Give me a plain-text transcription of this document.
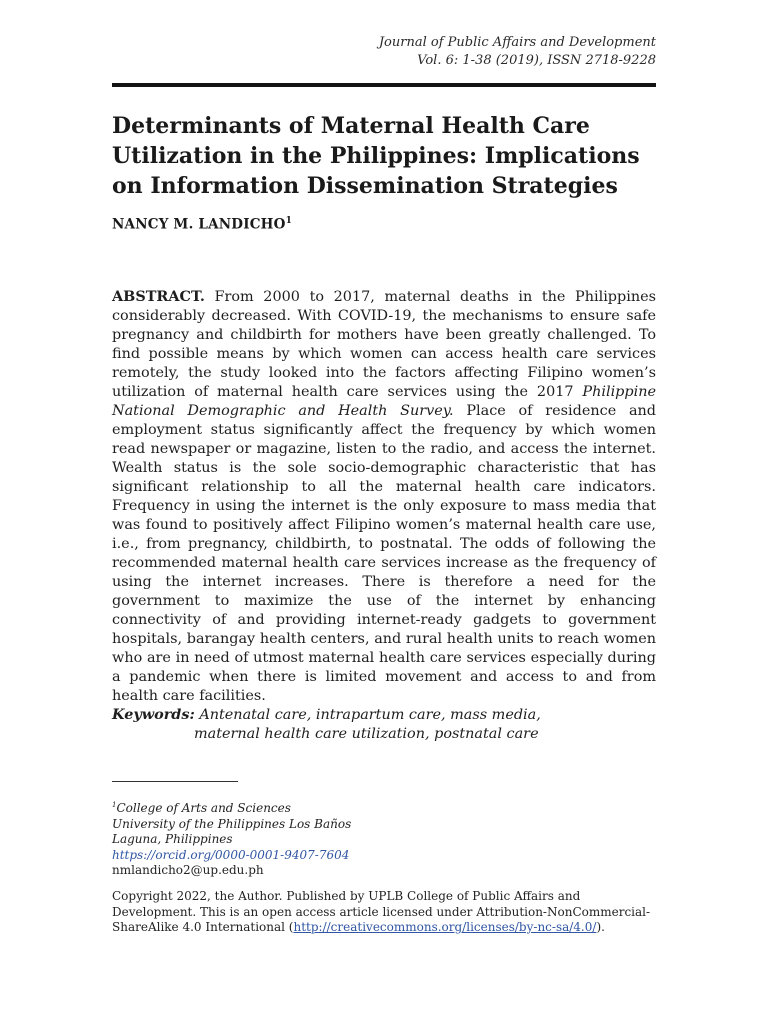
Journal of Public Affairs and Development
Vol. 6: 1-38 (2019), ISSN 2718-9228
Determinants of Maternal Health Care Utilization in the Philippines: Implications on Information Dissemination Strategies
NANCY M. LANDICHO$^1$

ABSTRACT. From 2000 to 2017, maternal deaths in the Philippines considerably decreased. With COVID-19, the mechanisms to ensure safe pregnancy and childbirth for mothers have been greatly challenged. To find possible means by which women can access health care services remotely, the study looked into the factors affecting Filipino women’s utilization of maternal health care services using the 2017 Philippine National Demographic and Health Survey. Place of residence and employment status significantly affect the frequency by which women read newspaper or magazine, listen to the radio, and access the internet. Wealth status is the sole socio-demographic characteristic that has significant relationship to all the maternal health care indicators. Frequency in using the internet is the only exposure to mass media that was found to positively affect Filipino women’s maternal health care use, i.e., from pregnancy, childbirth, to postnatal. The odds of following the recommended maternal health care services increase as the frequency of using the internet increases. There is therefore a need for the government to maximize the use of the internet by enhancing connectivity of and providing internet-ready gadgets to government hospitals, barangay health centers, and rural health units to reach women who are in need of utmost maternal health care services especially during a pandemic when there is limited movement and access to and from health care facilities.

Keywords: Antenatal care, intrapartum care, mass media,
maternal health care utilization, postnatal care
$^1$College of Arts and Sciences
University of the Philippines Los Baños
Laguna, Philippines
https://orcid.org/0000-0001-9407-7604
nmlandicho2@up.edu.ph
Copyright 2022, the Author. Published by UPLB College of Public Affairs and Development. This is an open access article licensed under Attribution-NonCommercial-ShareAlike 4.0 International (http://creativecommons.org/licenses/by-nc-sa/4.0/).
